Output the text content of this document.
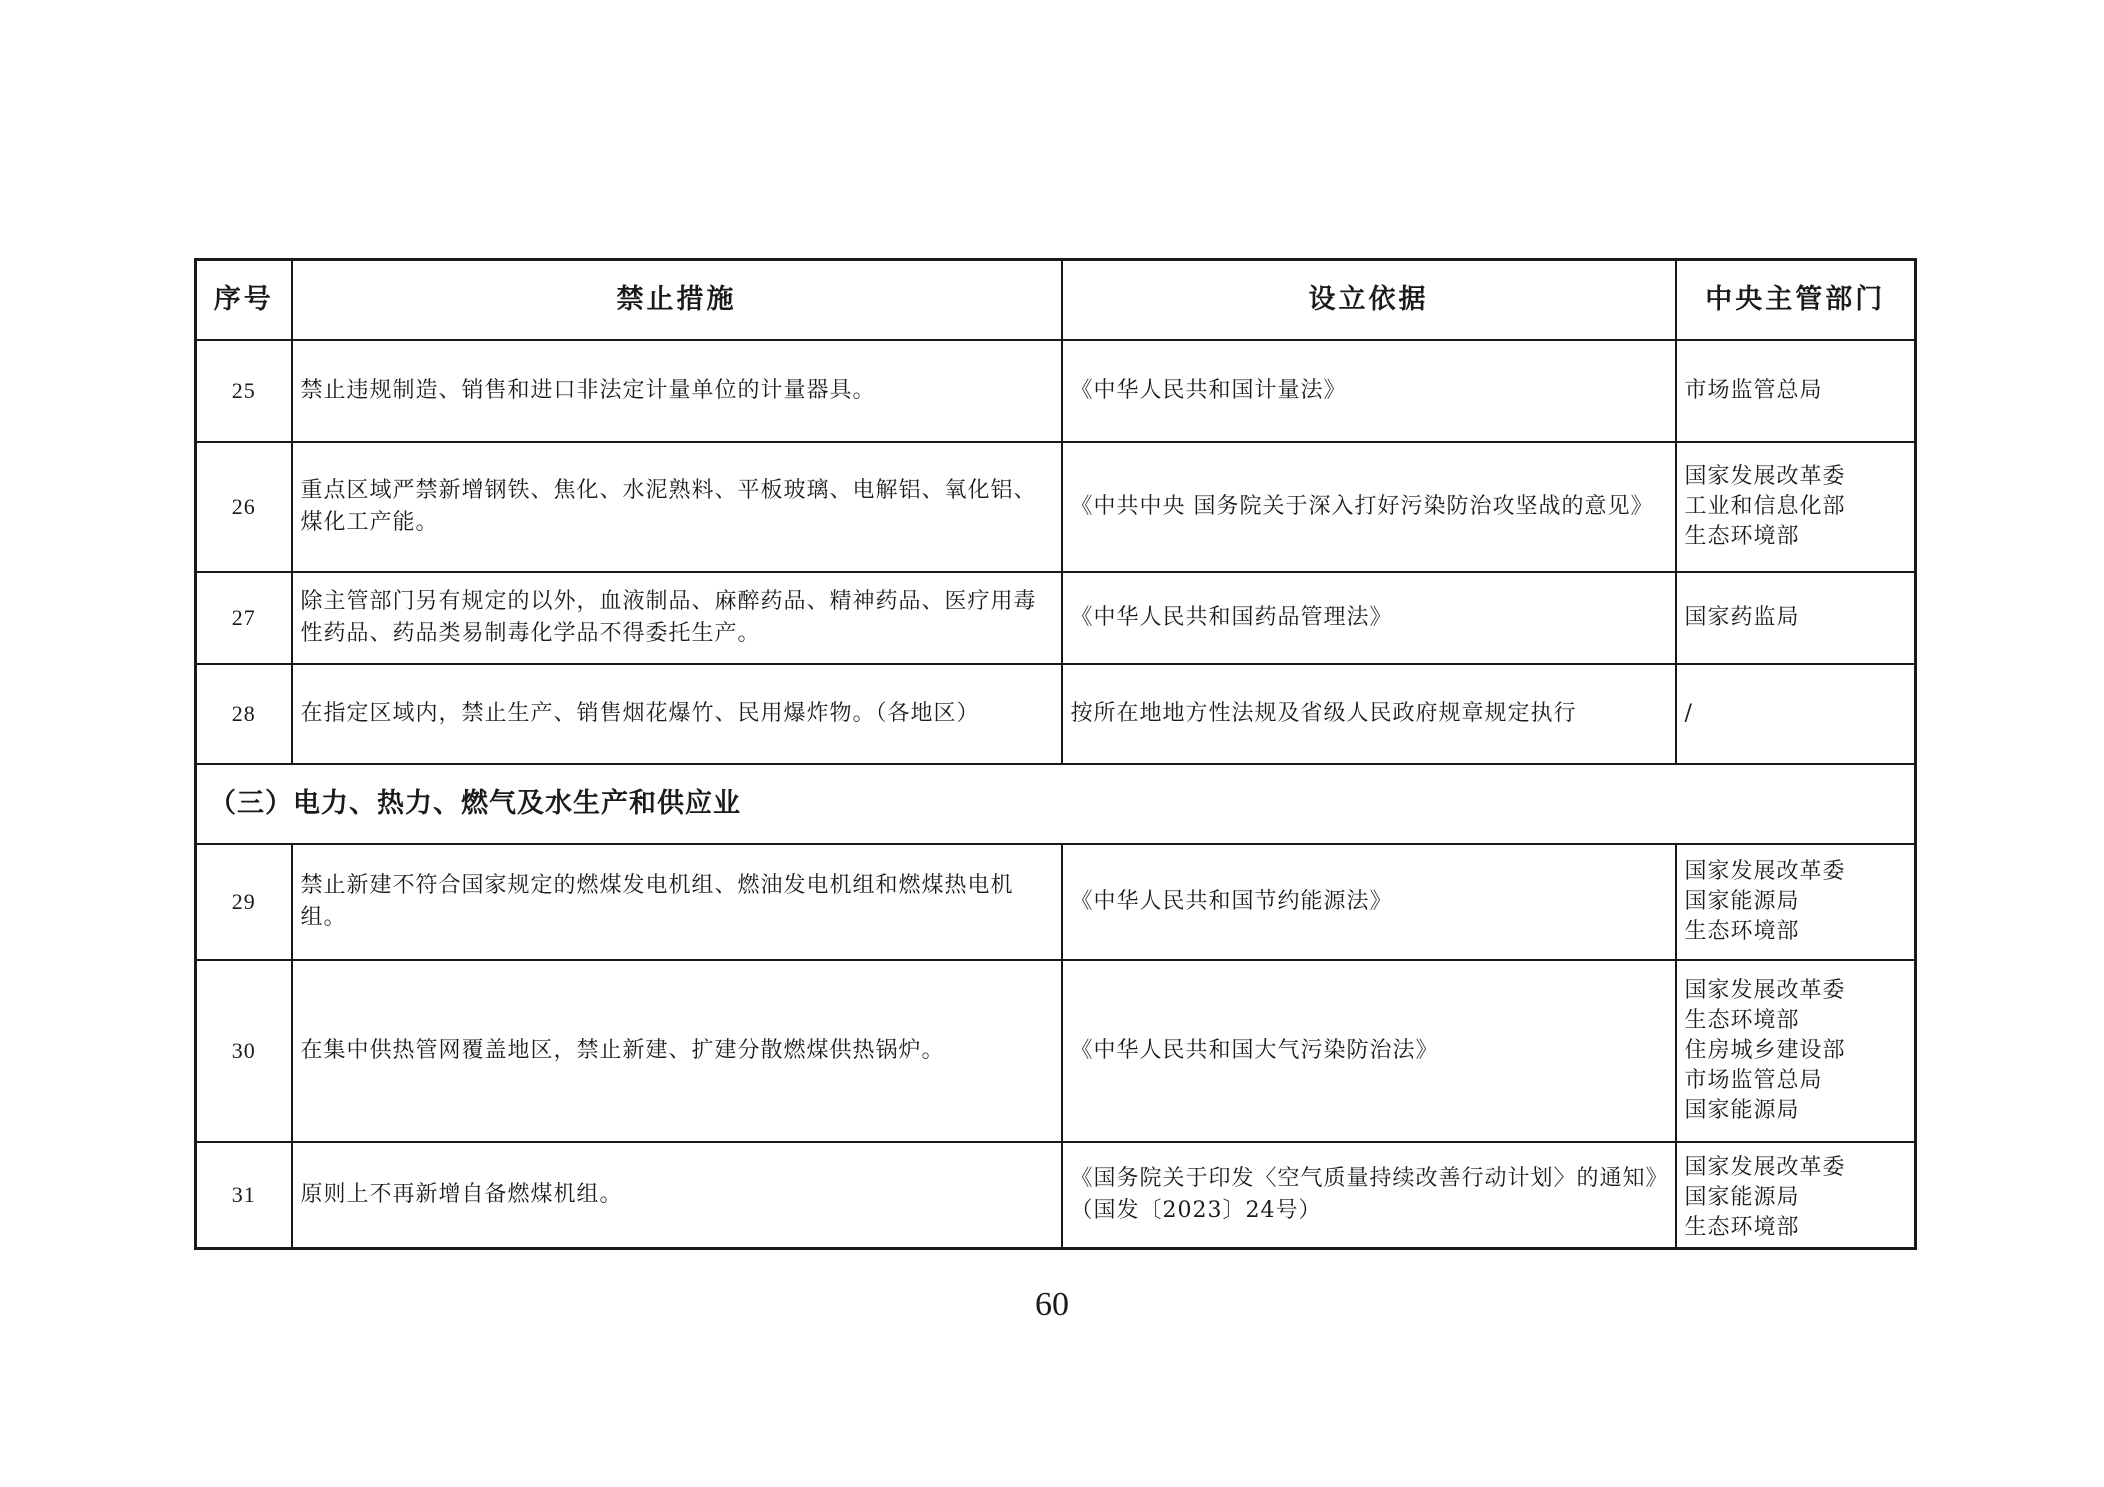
序号	禁止措施	设立依据	中央主管部门
25	禁止违规制造、销售和进口非法定计量单位的计量器具。	《中华人民共和国计量法》	市场监管总局

26	重点区域严禁新增钢铁、焦化、水泥熟料、平板玻璃、电解铝、氧化铝、煤化工产能。	《中共中央 国务院关于深入打好污染防治攻坚战的意见》	国家发展改革委
工业和信息化部
生态环境部

27	除主管部门另有规定的以外，血液制品、麻醉药品、精神药品、医疗用毒性药品、药品类易制毒化学品不得委托生产。	《中华人民共和国药品管理法》	国家药监局

28	在指定区域内，禁止生产、销售烟花爆竹、民用爆炸物。（各地区）	按所在地地方性法规及省级人民政府规章规定执行	/

（三）电力、热力、燃气及水生产和供应业			
29	禁止新建不符合国家规定的燃煤发电机组、燃油发电机组和燃煤热电机组。	《中华人民共和国节约能源法》	国家发展改革委
国家能源局
生态环境部

30	在集中供热管网覆盖地区，禁止新建、扩建分散燃煤供热锅炉。	《中华人民共和国大气污染防治法》	国家发展改革委
生态环境部
住房城乡建设部
市场监管总局
国家能源局

31	原则上不再新增自备燃煤机组。	《国务院关于印发〈空气质量持续改善行动计划〉的通知》（国发〔2023〕24号）	国家发展改革委
国家能源局
生态环境部
60
